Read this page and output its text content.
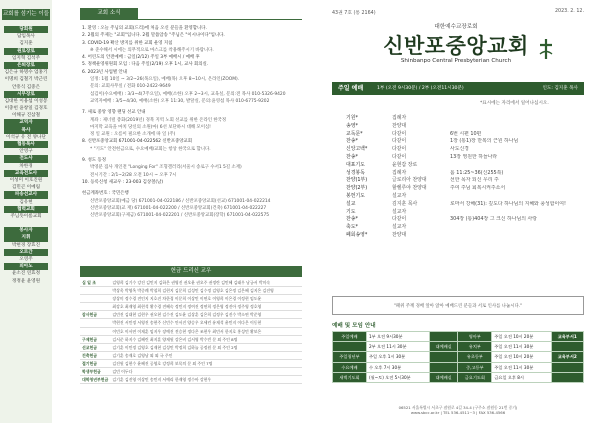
교회를 섬기는 이들
당회원
담임목사
김지훈
원로장로
임지혁 김석주
은퇴장로
김은규 하명수 엄홍기
이명희 김철기 박근린
안흥식 김중은
시무장로
김대한 이용섭 이성봉
이충헌 윤창일 김경호
이해규 진삼철
교역자
목사
이석규 유 전 양나단
협동목사
안영구
전도사
차한경
교육전도사
이성미 이호진원
김민곤 이예림
파송선교사
김유현
협력교회
주님뜻이룸교회
봉사자
지휘
박현경 장효진
오르간
오영주
피아노
윤소진 연효정
정정윤 윤영원
교회 소식
1. 환영 : 오늘 주님의 교회(드리)에 처음 오신 분들을 환영합니다.
2. 2월의 주제는 "교회"입니다. 2월 말씀암송 "주님은 "이시나이다"입니다.
3. COVID-19 확산 방지를 위한 교회 운영 지침
※ 준수해서 시에는 의무적으로 마스크를 착용해주시기 바랍니다.
4. 어린도의 안전예배 : 금일(2/12) 주일 3부 예배시 / 예배 후
5. 정책운영위원회 모임 : 다음 주일(2/19) 오후 1시, 교사 회의실.
6. 2023년 사업별 안내
일정: 1월 10일 ~ 3/2~26(목요일), 예배(목) 오후 8~10시, 온라인(ZOOM).
문의: 교회사무실 / 전화 010-2422-9649
섬김이(수요예배) : 3/3~4(7주요일), 예배(소한) 오후 2~3시, 교육실, 문의:전 목사 010-5326-9420
교역자예배 : 3/5~4/30, 예배(소한) 오후 11:30, 발달실, 문의:윤영섭 목사 010-6775-9202
7. 새로 중앙 영향 랜딩 선교 안내
계좌 : 제너럴 총화(2019년) 경북 지역 노회 선교를 위한 온라인 한국정
마지막 교육을 마치 당신의 소원(마) 6선 보단하시 대해 모이심!
정 일 교원 : 오름이 필요한 소개에 따 일 (주)
8. 신반포중앙교회 671001-04-022562 신반포중앙교회
* "기도" 안전헌금으로, 수요예배/교회는 항상 한국으로 합니다.
9. 성도 동정
박영분 집사 개인전 "Longing For" 조형갤러리(서울시 송로구 수서1 5길 소재)
전시기간 : 2/1~2/28 오전 10시 ~ 오후 7시
10. 등록신청 새교우 : 23-003 김상철(남)
헌금계좌번호 : 국민은행
신반포중앙교회(예금 당) 671001-04-022186 / 신반포중앙교회(선교) 671001-04-022214
신반포중앙교회(교 재) 671001-04-022200 / 신반포중앙교회(건축) 671001-04-022227
신반포중앙교회(구제금) 671001-04-022201 / 신반포중앙교회(장학) 671001-04-022575
헌금 드리신 교우
십 일 조	김영희 김기수 강진 김민지 김하은 권영진 권오윤 권오주 권정란 김민혜 김태우 남궁서 박미숙
	박상욱 박영옥 박중례 박철희 김현지 김문희 김성민 김수정 김영호 김은정 김은혜 김지은 김진영
	장상미 정수경 전인지 지호진 차한경 이문희 이상민 이연호 이영희 이은경 이정현 임도윤
	최강호 최재영 최현석 황수경 전혜숙 정민지 정여진 정연희 정은영 정진아 정주영 정호영
감사헌금	김민진 김대현 김현우 권오현 김수진 김도윤 김상훈 김은희 김정우 김진수 박소연 박준영
	박현진 서민정 서영진 송현주 신민수 안서진 양승우 오세린 유재석 윤민지 이다은 이동현
	이민호 이서연 이재훈 임지우 장예진 전승현 정다은 조현우 최민서 한지호 홍성민 황보은
구제헌금	김서준 하지수 김혜린 최지훈 양재원 강은비 김서영 박수빈 문 외 주인 8명
선교헌금	김기훈 이민정 김영호 김재현 김성민 박정희 김하늘 공정원 문 외 주인 2명
건축헌금	김기훈 송재호 김영남 외 외 국 주인
절기헌금	김진원 김현수 윤혜진 공영호 강정희 보목의 문 외 주인 7명
학생부헌금	김민 이두다
대학청년부헌금	김기훈 김진영 이상민 송민지 서예리 한재영 정수아 강현우
43권 7호 (통 2164)	2023. 2. 12.
대한예수교장로회
신반포중앙교회
Shinbanpo Central Presbyterian Church
주일 예배	1부 (오전 9시30분) / 2부 (오전11시30분)	인도: 김지훈 목사
*표시에는 자리에서 일어나십시오.
기원*	집례자
송영*	찬양대
교독문*	다같이	6번 시편 10편
찬송*	다같이	1장 (통1)장 만복의 근원 하나님
신앙고백*	다같이	사도신경
찬송*	다같이	13장 영원한 하늘나라
대표기도	윤현갑 장로
성경봉독	집례자	롬 11:25~36(신255쪽)
찬양(1부)	글로리아 찬양대	선한 목자 되신 우리 주
찬양(2부)	할렐루야 찬양대	주여 주님 회복시켜주소서
봉헌기도	설교자
설교	김지훈 목사	로마서 강해(31): 깊도다 하나님의 지혜와 풍성함이여!
기도	설교자
찬송*	다같이	304장 (통)404장 그 크신 하나님의 사랑
축도*	설교자
폐회송영*	찬양대
"패위 주께 경배 앞아 앉아 예배드린 분들과 서로 인사를 나눕시다."
예배 및 모임 안내
주일예배	1부 오전 9시30분		영아부	주일 오전 10시 20분	교육부서1
	2부 오전 11시 30분	대예배실	유치부	주일 오전 11시 30분	
주일청년부	주일 오후 1시 30분		유초등부	주일 오전 10시 20분	교육부서2
수요예배	수 오후 7시 30분		중,고등부	주일 오전 11시 30분	
새벽기도회	(월~토) 오전 5시30분	대예배실	금요기도회	금요일 오후 8시	
06521 서울특별시 서초구 잠원로 4길 34-4 (구주소 잠원동 21번 중기)
www.sbcc.or.kr | TEL 536-4511~3 | FAX 536-4566
